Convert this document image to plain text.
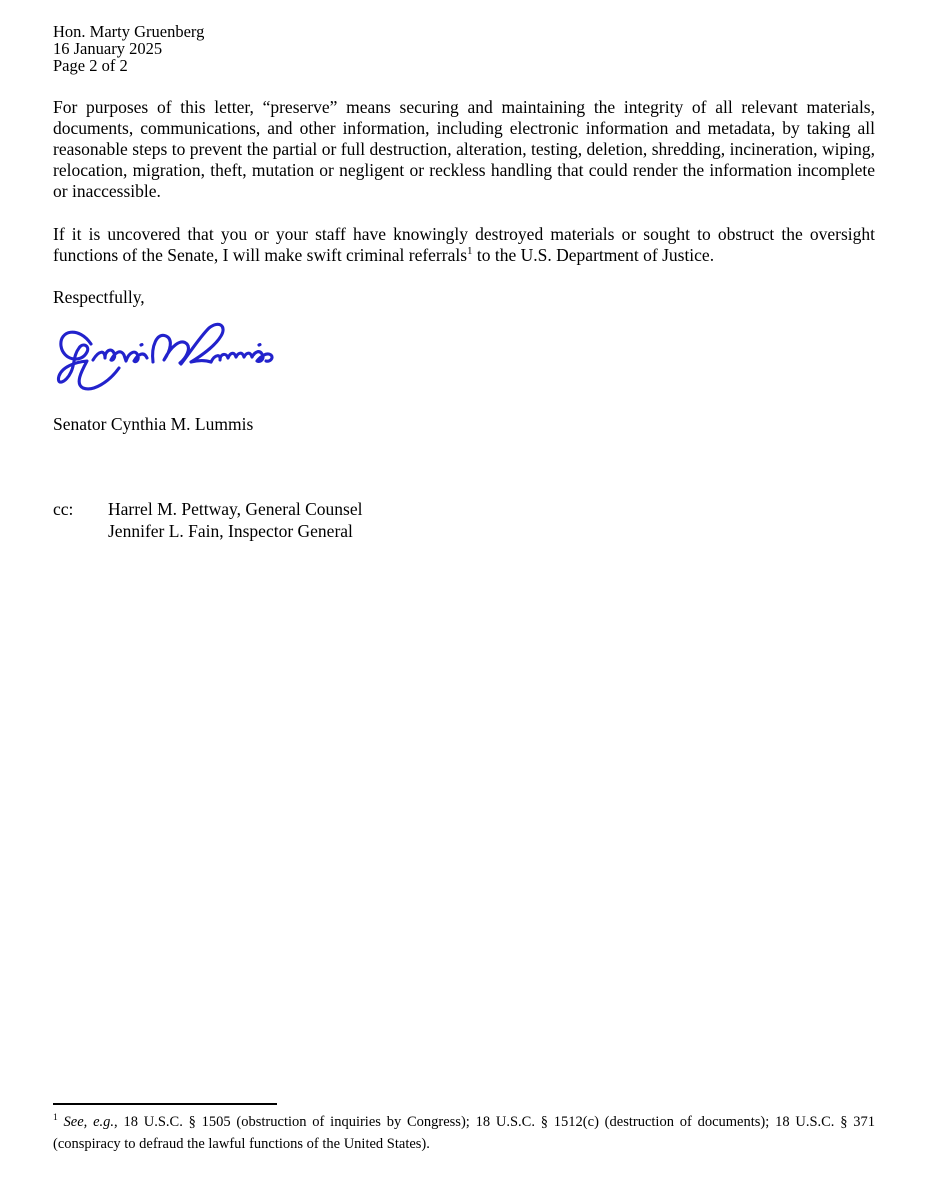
Hon. Marty Gruenberg
16 January 2025
Page 2 of 2

For purposes of this letter, “preserve” means securing and maintaining the integrity of all relevant materials, documents, communications, and other information, including electronic information and metadata, by taking all reasonable steps to prevent the partial or full destruction, alteration, testing, deletion, shredding, incineration, wiping, relocation, migration, theft, mutation or negligent or reckless handling that could render the information incomplete or inaccessible.

If it is uncovered that you or your staff have knowingly destroyed materials or sought to obstruct the oversight functions of the Senate, I will make swift criminal referrals$^1$ to the U.S. Department of Justice.

Respectfully,
Senator Cynthia M. Lummis
cc:	Harrel M. Pettway, General Counsel
Jennifer L. Fain, Inspector General

$^1$ See, e.g., 18 U.S.C. § 1505 (obstruction of inquiries by Congress); 18 U.S.C. § 1512(c) (destruction of documents); 18 U.S.C. § 371 (conspiracy to defraud the lawful functions of the United States).
